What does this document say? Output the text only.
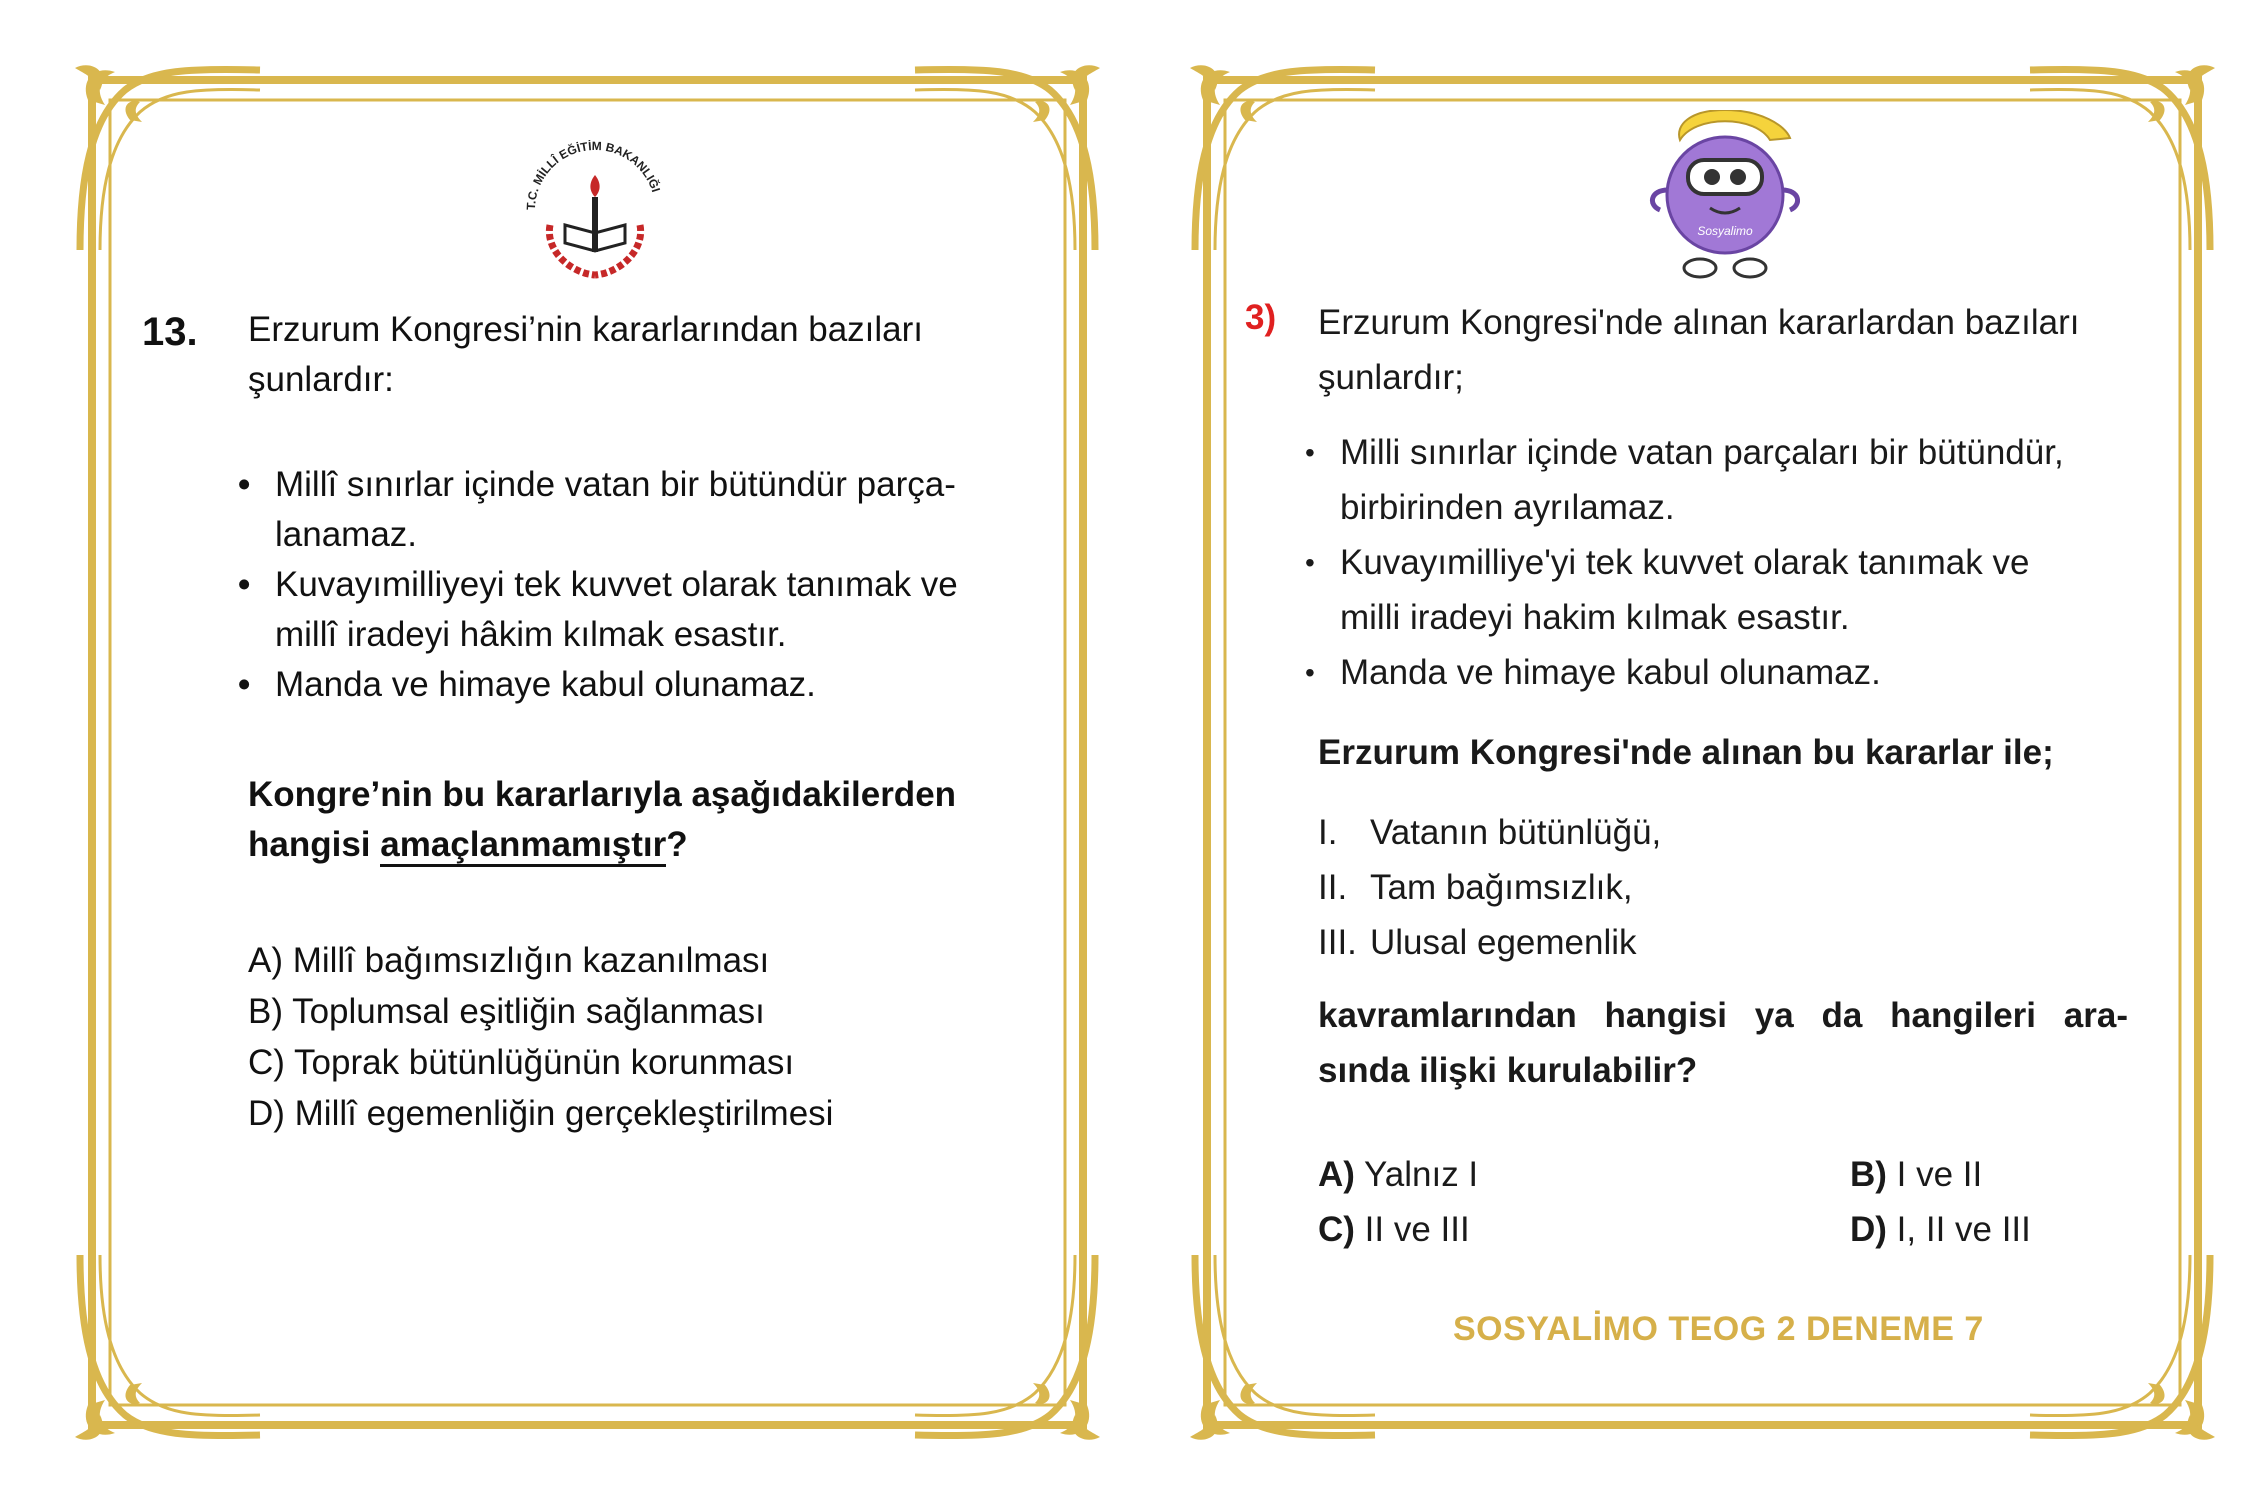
T.C. MİLLÎ EĞİTİM BAKANLIĞI
13. Erzurum Kongresi’nin kararlarından bazıları
şunlardır:
• Millî sınırlar içinde vatan bir bütündür parça-
lanamaz.
• Kuvayımilliyeyi tek kuvvet olarak tanımak ve
millî iradeyi hâkim kılmak esastır.
• Manda ve himaye kabul olunamaz.
Kongre’nin bu kararlarıyla aşağıdakilerden
hangisi amaçlanmamıştır?
A) Millî bağımsızlığın kazanılması
B) Toplumsal eşitliğin sağlanması
C) Toprak bütünlüğünün korunması
D) Millî egemenliğin gerçekleştirilmesi
Sosyalimo
3) Erzurum Kongresi'nde alınan kararlardan bazıları
şunlardır;
• Milli sınırlar içinde vatan parçaları bir bütündür,
birbirinden ayrılamaz.
• Kuvayımilliye'yi tek kuvvet olarak tanımak ve
milli iradeyi hakim kılmak esastır.
• Manda ve himaye kabul olunamaz.
Erzurum Kongresi'nde alınan bu kararlar ile;
I. Vatanın bütünlüğü,
II. Tam bağımsızlık,
III. Ulusal egemenlik
kavramlarından hangisi ya da hangileri ara-
sında ilişki kurulabilir?
A) Yalnız I	B) I ve II
C) II ve III	D) I, II ve III
SOSYALİMO TEOG 2 DENEME 7
